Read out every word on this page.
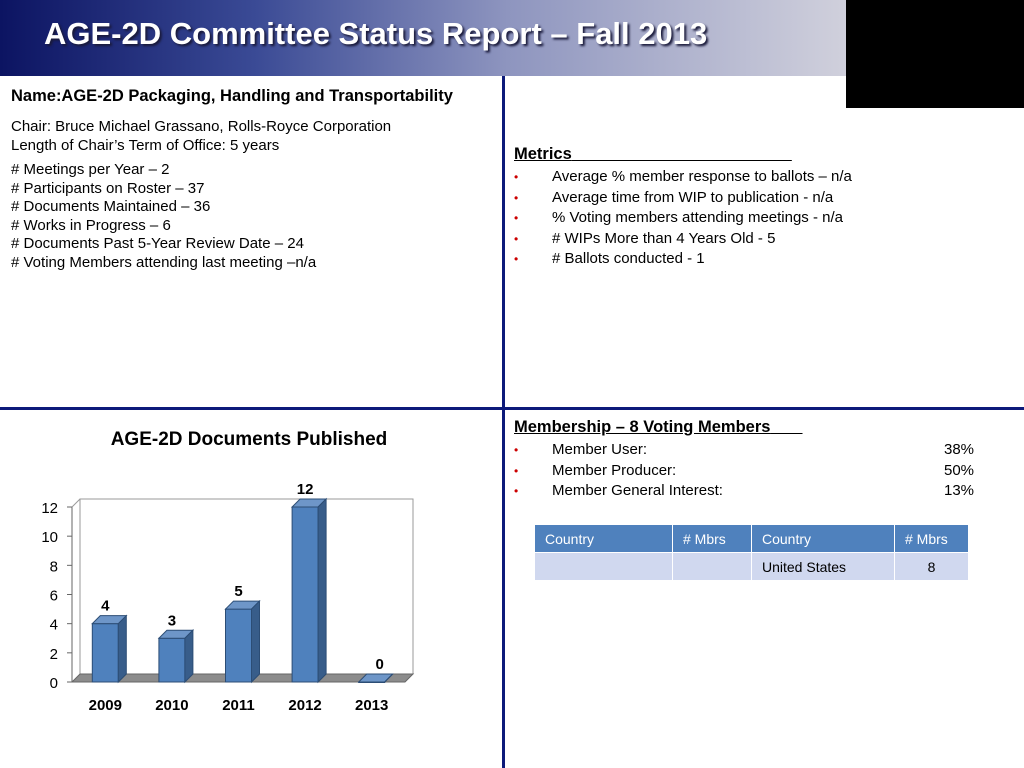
AGE-2D Committee Status Report – Fall 2013
Name:AGE-2D Packaging, Handling and Transportability

Chair: Bruce Michael Grassano, Rolls-Royce Corporation

Length of Chair’s Term of Office: 5 years

# Meetings per Year – 2

# Participants on Roster – 37

# Documents Maintained – 36

# Works in Progress – 6

# Documents Past 5-Year Review Date – 24

# Voting Members attending last meeting –n/a

Metrics
• Average % member response to ballots – n/a
• Average time from WIP to publication - n/a
• % Voting members attending meetings - n/a
• # WIPs More than 4 Years Old - 5
• # Ballots conducted - 1
Membership – 8 Voting Members
• Member User:	38%
• Member Producer:	50%
• Member General Interest:	13%
Country	# Mbrs	Country	# Mbrs
		United States	8
AGE-2D Documents Published
0
2
4
6
8
10
12
4
2009
3
2010
5
2011
12
2012
0
2013
